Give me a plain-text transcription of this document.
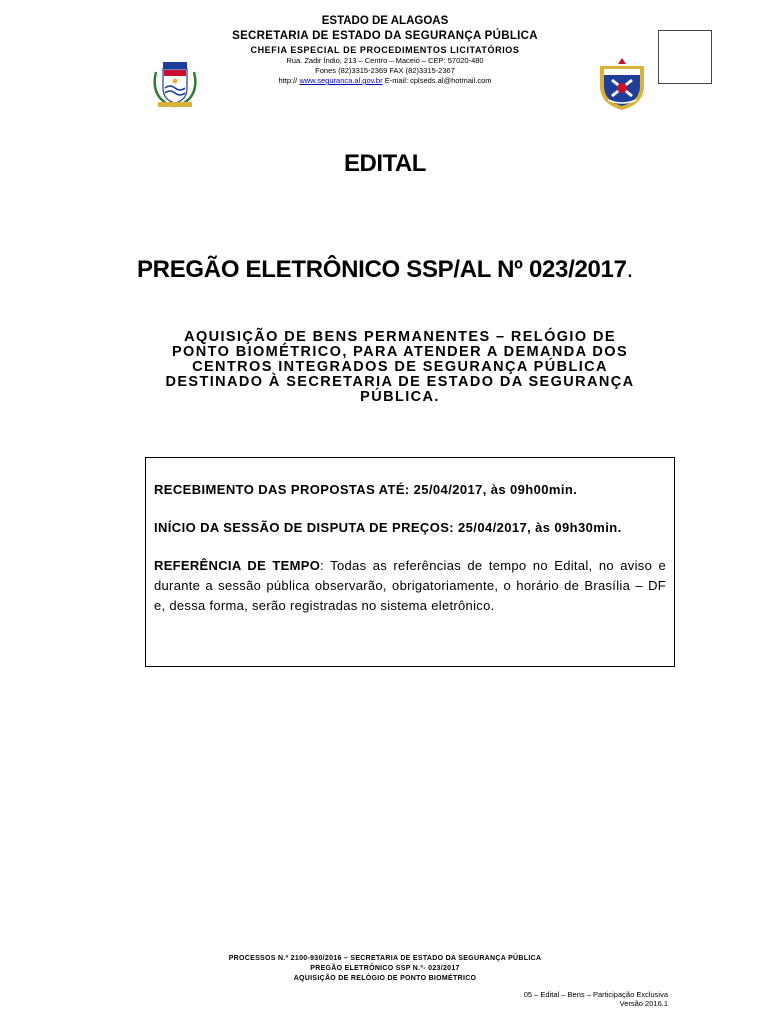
ESTADO DE ALAGOAS
SECRETARIA DE ESTADO DA SEGURANÇA PÚBLICA
CHEFIA ESPECIAL DE PROCEDIMENTOS LICITATÓRIOS
Rua. Zadir Índio, 213 – Centro – Maceió – CEP: 57020-480
Fones (82)3315-2369 FAX (82)3315-2367
http:// www.seguranca.al.gov.br E-mail: cplseds.al@hotmail.com
EDITAL
PREGÃO ELETRÔNICO SSP/AL Nº 023/2017.
AQUISIÇÃO DE BENS PERMANENTES – RELÓGIO DE
PONTO BIOMÉTRICO, PARA ATENDER A DEMANDA DOS
CENTROS INTEGRADOS DE SEGURANÇA PÚBLICA
DESTINADO À SECRETARIA DE ESTADO DA SEGURANÇA
PÚBLICA.

RECEBIMENTO DAS PROPOSTAS ATÉ: 25/04/2017, às 09h00min.

INÍCIO DA SESSÃO DE DISPUTA DE PREÇOS: 25/04/2017, às 09h30min.

REFERÊNCIA DE TEMPO: Todas as referências de tempo no Edital, no aviso e durante a sessão pública observarão, obrigatoriamente, o horário de Brasília – DF e, dessa forma, serão registradas no sistema eletrônico.

PROCESSOS N.º 2100-930/2016 – SECRETARIA DE ESTADO DA SEGURANÇA PÚBLICA
PREGÃO ELETRÔNICO SSP N.º- 023/2017
AQUISIÇÃO DE RELÓGIO DE PONTO BIOMÉTRICO
05 – Edital – Bens – Participação Exclusiva
Versão 2016.1
